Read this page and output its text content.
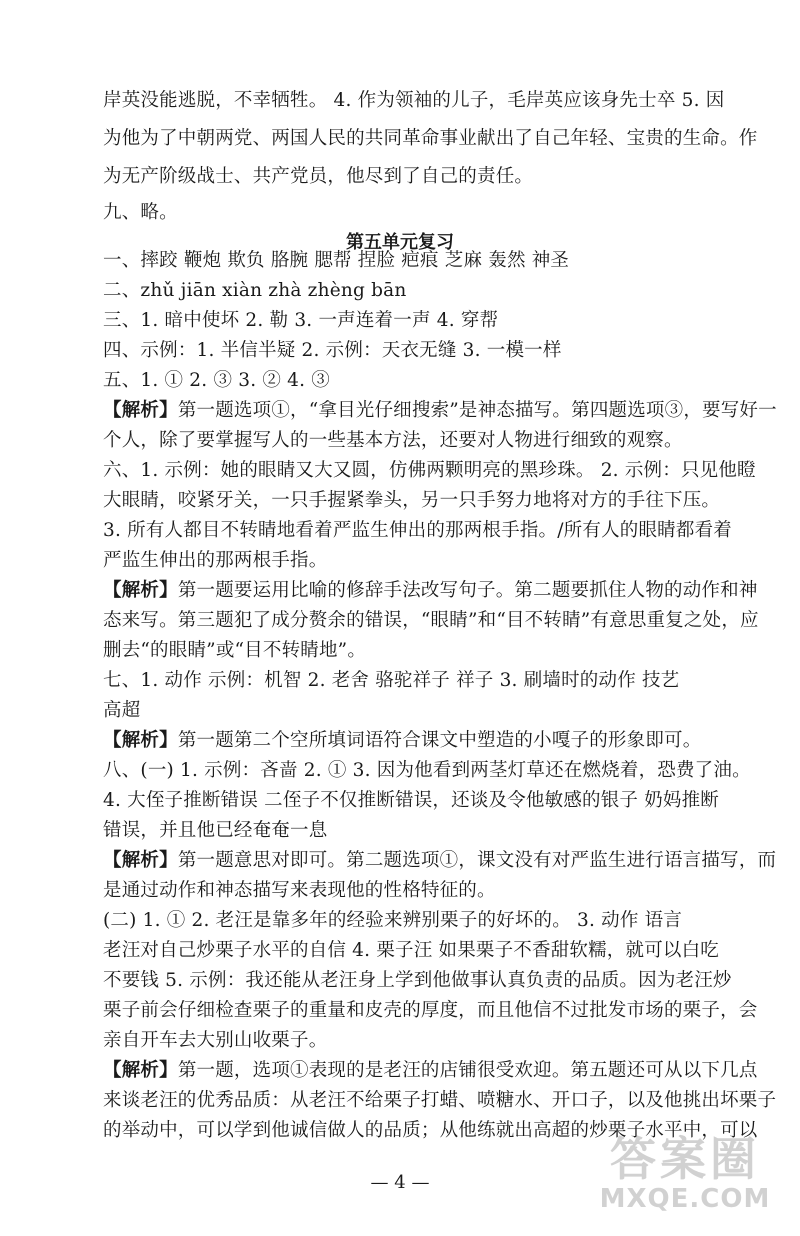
岸英没能逃脱，不幸牺牲。 4. 作为领袖的儿子，毛岸英应该身先士卒 5. 因
为他为了中朝两党、两国人民的共同革命事业献出了自己年轻、宝贵的生命。作
为无产阶级战士、共产党员，他尽到了自己的责任。
九、略。
第五单元复习
一、摔跤 鞭炮 欺负 胳腕 腮帮 捏脸 疤痕 芝麻 轰然 神圣
二、zhǔ jiān xiàn zhà zhèng bān
三、1. 暗中使坏 2. 勒 3. 一声连着一声 4. 穿帮
四、示例：1. 半信半疑 2. 示例：天衣无缝 3. 一模一样
五、1. ① 2. ③ 3. ② 4. ③
【解析】第一题选项①，“拿目光仔细搜索”是神态描写。第四题选项③，要写好一
个人，除了要掌握写人的一些基本方法，还要对人物进行细致的观察。
六、1. 示例：她的眼睛又大又圆，仿佛两颗明亮的黑珍珠。 2. 示例：只见他瞪
大眼睛，咬紧牙关，一只手握紧拳头，另一只手努力地将对方的手往下压。
3. 所有人都目不转睛地看着严监生伸出的那两根手指。/所有人的眼睛都看着
严监生伸出的那两根手指。
【解析】第一题要运用比喻的修辞手法改写句子。第二题要抓住人物的动作和神
态来写。第三题犯了成分赘余的错误，“眼睛”和“目不转睛”有意思重复之处，应
删去“的眼睛”或“目不转睛地”。
七、1. 动作 示例：机智 2. 老舍 骆驼祥子 祥子 3. 刷墙时的动作 技艺
高超
【解析】第一题第二个空所填词语符合课文中塑造的小嘎子的形象即可。
八、(一) 1. 示例：吝啬 2. ① 3. 因为他看到两茎灯草还在燃烧着，恐费了油。
4. 大侄子推断错误 二侄子不仅推断错误，还谈及令他敏感的银子 奶妈推断
错误，并且他已经奄奄一息
【解析】第一题意思对即可。第二题选项①，课文没有对严监生进行语言描写，而
是通过动作和神态描写来表现他的性格特征的。
(二) 1. ① 2. 老汪是靠多年的经验来辨别栗子的好坏的。 3. 动作 语言
老汪对自己炒栗子水平的自信 4. 栗子汪 如果栗子不香甜软糯，就可以白吃
不要钱 5. 示例：我还能从老汪身上学到他做事认真负责的品质。因为老汪炒
栗子前会仔细检查栗子的重量和皮壳的厚度，而且他信不过批发市场的栗子，会
亲自开车去大别山收栗子。
【解析】第一题，选项①表现的是老汪的店铺很受欢迎。第五题还可从以下几点
来谈老汪的优秀品质：从老汪不给栗子打蜡、喷糖水、开口子，以及他挑出坏栗子
的举动中，可以学到他诚信做人的品质；从他练就出高超的炒栗子水平中，可以
— 4 —	答案圈
MXQE.COM
